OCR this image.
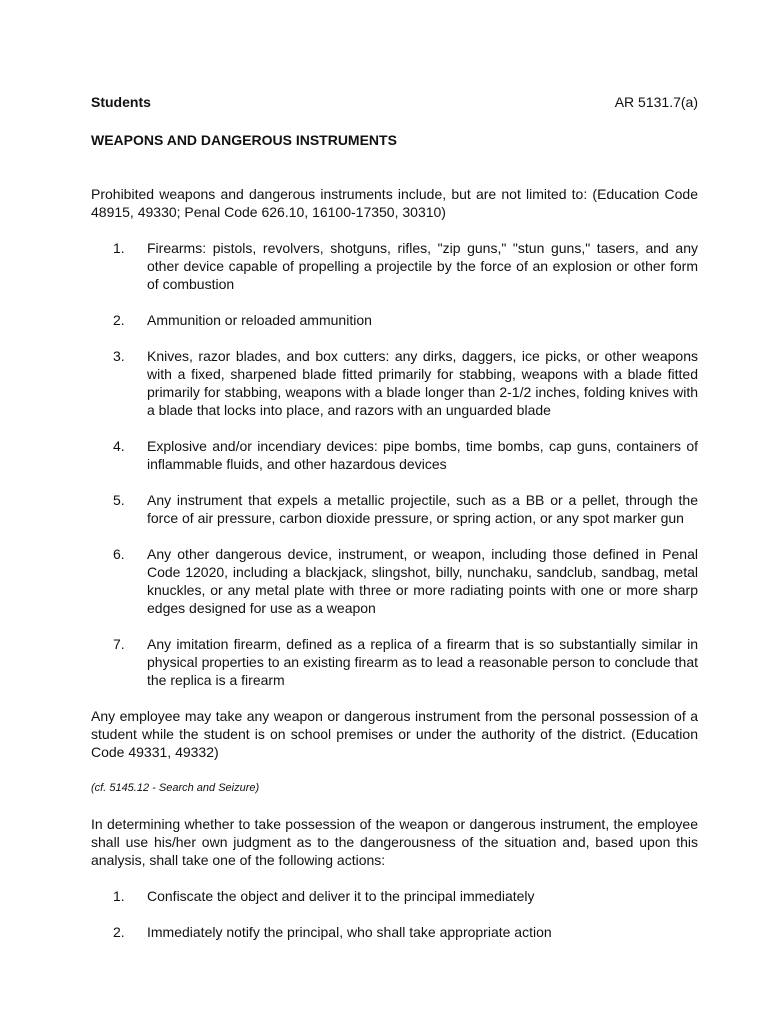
Students	AR 5131.7(a)
WEAPONS AND DANGEROUS INSTRUMENTS
Prohibited weapons and dangerous instruments include, but are not limited to: (Education Code 48915, 49330; Penal Code 626.10, 16100-17350, 30310)
1.	Firearms: pistols, revolvers, shotguns, rifles, "zip guns," "stun guns," tasers, and any other device capable of propelling a projectile by the force of an explosion or other form of combustion
2.	Ammunition or reloaded ammunition
3.	Knives, razor blades, and box cutters: any dirks, daggers, ice picks, or other weapons with a fixed, sharpened blade fitted primarily for stabbing, weapons with a blade fitted primarily for stabbing, weapons with a blade longer than 2-1/2 inches, folding knives with a blade that locks into place, and razors with an unguarded blade
4.	Explosive and/or incendiary devices: pipe bombs, time bombs, cap guns, containers of inflammable fluids, and other hazardous devices
5.	Any instrument that expels a metallic projectile, such as a BB or a pellet, through the force of air pressure, carbon dioxide pressure, or spring action, or any spot marker gun
6.	Any other dangerous device, instrument, or weapon, including those defined in Penal Code 12020, including a blackjack, slingshot, billy, nunchaku, sandclub, sandbag, metal knuckles, or any metal plate with three or more radiating points with one or more sharp edges designed for use as a weapon
7.	Any imitation firearm, defined as a replica of a firearm that is so substantially similar in physical properties to an existing firearm as to lead a reasonable person to conclude that the replica is a firearm
Any employee may take any weapon or dangerous instrument from the personal possession of a student while the student is on school premises or under the authority of the district. (Education Code 49331, 49332)
(cf. 5145.12 - Search and Seizure)
In determining whether to take possession of the weapon or dangerous instrument, the employee shall use his/her own judgment as to the dangerousness of the situation and, based upon this analysis, shall take one of the following actions:
1.	Confiscate the object and deliver it to the principal immediately
2.	Immediately notify the principal, who shall take appropriate action
